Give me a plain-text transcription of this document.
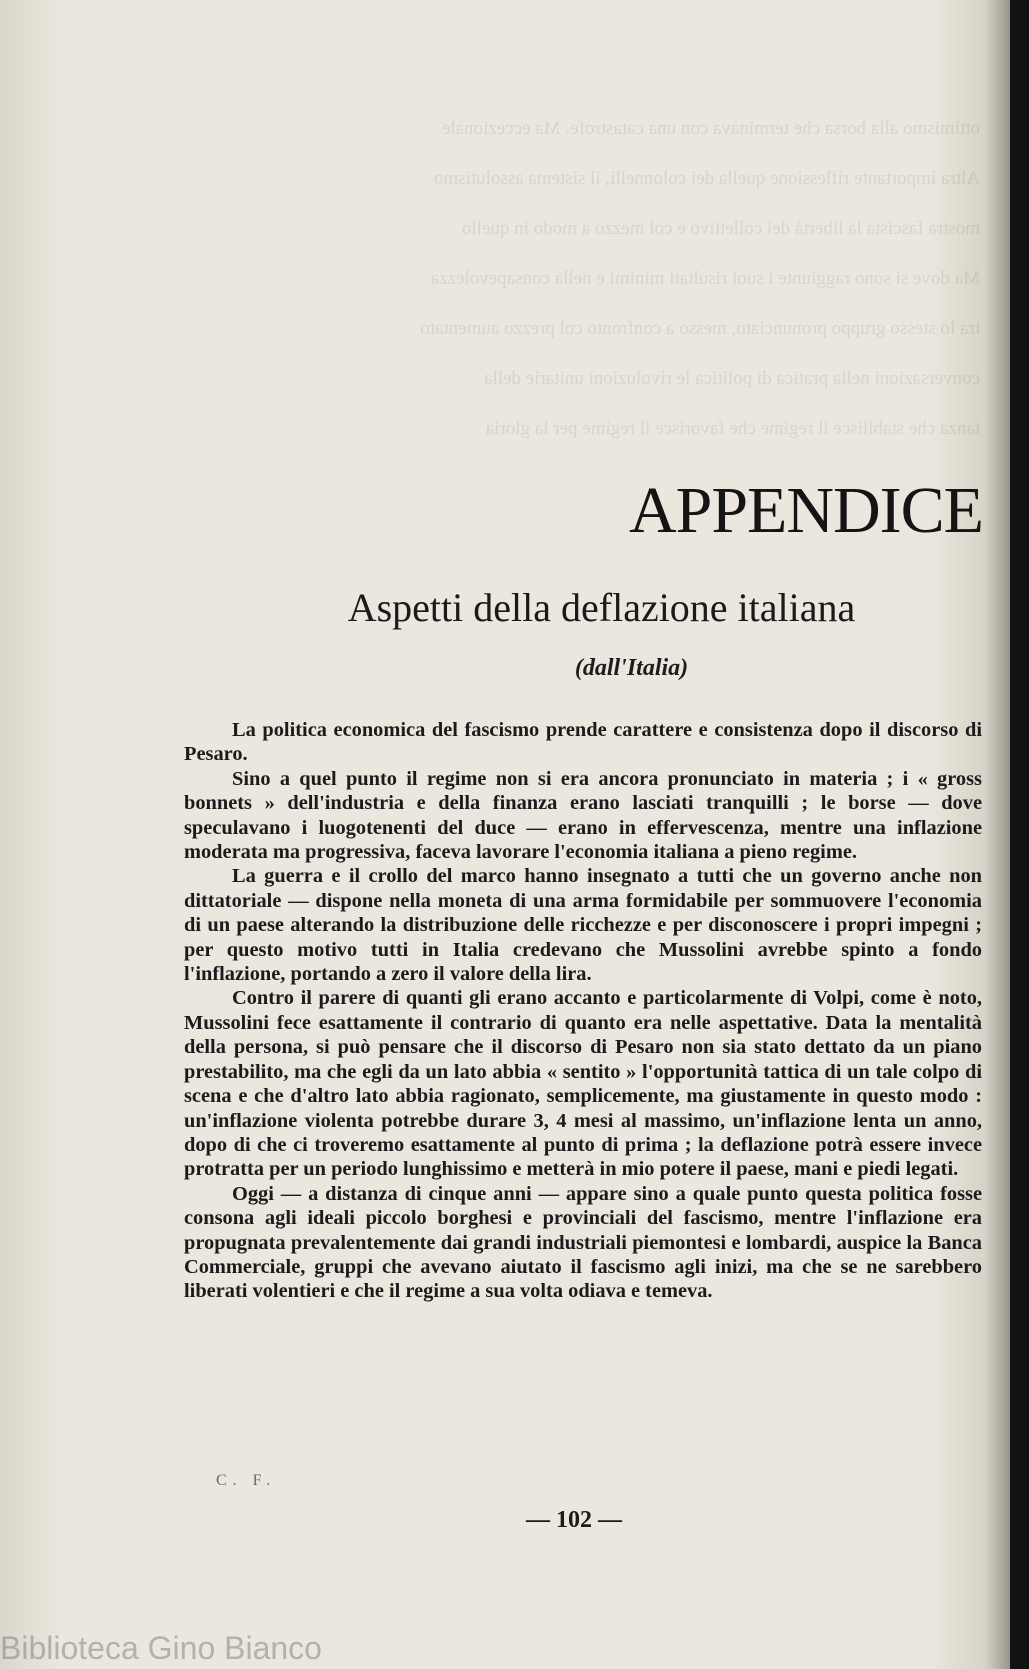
ottimismo alla borsa che terminava con una catastrofe. Ma eccezionale
Altra importante riflessione quella dei colonnelli, il sistema assolutismo
mostra fascista la libertà del collettivo e col mezzo a modo in quello
Ma dove si sono raggiunte i suoi risultati minimi e nella consapevolezza
tra lo stesso gruppo pronunciato, messo a confronto col prezzo aumentato
conversazioni nella pratica di politica le rivoluzioni unitarie della
tanza che stabilisce il regime che favorisce il regime per la gloria
APPENDICE
Aspetti della deflazione italiana
(dall'Italia)

La politica economica del fascismo prende carattere e consistenza dopo il discorso di Pesaro.

Sino a quel punto il regime non si era ancora pronunciato in materia ; i « gross bonnets » dell'industria e della finanza erano lasciati tranquilli ; le borse — dove speculavano i luogotenenti del duce — erano in effervescenza, mentre una inflazione moderata ma progressiva, faceva lavorare l'economia italiana a pieno regime.

La guerra e il crollo del marco hanno insegnato a tutti che un governo anche non dittatoriale — dispone nella moneta di una arma formidabile per sommuovere l'economia di un paese alterando la distribuzione delle ricchezze e per disconoscere i propri impegni ; per questo motivo tutti in Italia credevano che Mussolini avrebbe spinto a fondo l'inflazione, portando a zero il valore della lira.

Contro il parere di quanti gli erano accanto e particolarmente di Volpi, come è noto, Mussolini fece esattamente il contrario di quanto era nelle aspettative. Data la mentalità della persona, si può pensare che il discorso di Pesaro non sia stato dettato da un piano prestabilito, ma che egli da un lato abbia « sentito » l'opportunità tattica di un tale colpo di scena e che d'altro lato abbia ragionato, semplicemente, ma giustamente in questo modo : un'inflazione violenta potrebbe durare 3, 4 mesi al massimo, un'inflazione lenta un anno, dopo di che ci troveremo esattamente al punto di prima ; la deflazione potrà essere invece protratta per un periodo lunghissimo e metterà in mio potere il paese, mani e piedi legati.

Oggi — a distanza di cinque anni — appare sino a quale punto questa politica fosse consona agli ideali piccolo borghesi e provinciali del fascismo, mentre l'inflazione era propugnata prevalentemente dai grandi industriali piemontesi e lombardi, auspice la Banca Commerciale, gruppi che avevano aiutato il fascismo agli inizi, ma che se ne sarebbero liberati volentieri e che il regime a sua volta odiava e temeva.

C. F.
— 102 —
Biblioteca Gino Bianco
